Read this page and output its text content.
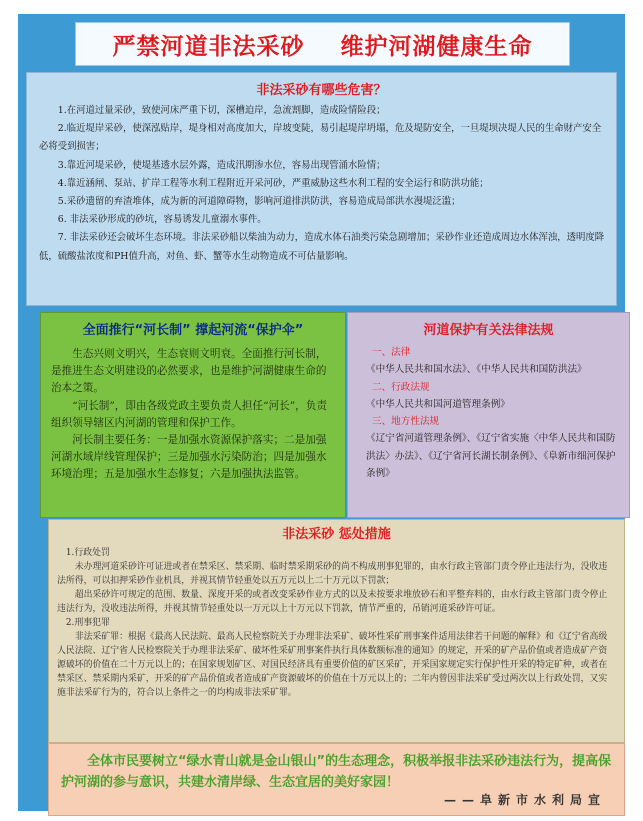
严禁河道非法采砂    维护河湖健康生命
非法采砂有哪些危害？

1.在河道过量采砂，致使河床严重下切，深槽迫岸，急流割脚，造成险情险段；

2.临近堤岸采砂，使深泓贴岸，堤身相对高度加大，岸坡变陡，易引起堤岸坍塌，危及堤防安全，一旦堤坝决堤人民的生命财产安全必将受到损害；

3.靠近河堤采砂，使堤基透水层外露，造成汛期渗水位，容易出现管涌水险情；

4.靠近涵闸、泵站、扩岸工程等水利工程附近开采河砂，严重威胁这些水利工程的安全运行和防洪功能；

5.采砂遗留的弃渣堆体，成为新的河道障碍物，影响河道排洪防洪，容易造成局部洪水漫堤泛滥；

6. 非法采砂形成的砂坑，容易诱发儿童溺水事件。

7. 非法采砂还会破坏生态环境。非法采砂船以柴油为动力，造成水体石油类污染急剧增加；采砂作业还造成周边水体浑浊，透明度降低，硫酸盐浓度和PH值升高，对鱼、虾、蟹等水生动物造成不可估量影响。

全面推行“河长制” 撑起河流“保护伞”

生态兴则文明兴，生态衰则文明衰。全面推行河长制，是推进生态文明建设的必然要求，也是维护河湖健康生命的治本之策。

“河长制”，即由各级党政主要负责人担任“河长”，负责组织领导辖区内河湖的管理和保护工作。

河长制主要任务：一是加强水资源保护落实；二是加强河湖水域岸线管理保护；三是加强水污染防治；四是加强水环境治理；五是加强水生态修复；六是加强执法监管。

河道保护有关法律法规
一、法律
《中华人民共和国水法》、《中华人民共和国防洪法》
二、行政法规
《中华人民共和国河道管理条例》
三、地方性法规
《辽宁省河道管理条例》、《辽宁省实施〈中华人民共和国防洪法〉办法》、《辽宁省河长湖长制条例》、《阜新市细河保护条例》
非法采砂 惩处措施

1.行政处罚

未办理河道采砂许可证进或者在禁采区、禁采期、临时禁采期采砂的尚不构成刑事犯罪的，由水行政主管部门责令停止违法行为，没收违法所得，可以扣押采砂作业机具，并视其情节轻重处以五万元以上二十万元以下罚款；

超出采砂许可规定的范围、数量、深度开采的或者改变采砂作业方式的以及未按要求堆放砂石和平整弃料的，由水行政主管部门责令停止违法行为，没收违法所得，并视其情节轻重处以一万元以上十万元以下罚款，情节严重的，吊销河道采砂许可证。

2.刑事犯罪

非法采矿罪：根据《最高人民法院、最高人民检察院关于办理非法采矿、破坏性采矿刑事案件适用法律若干问题的解释》和《辽宁省高级人民法院、辽宁省人民检察院关于办理非法采矿、破坏性采矿刑事案件执行具体数额标准的通知》的规定，开采的矿产品价值或者造成矿产资源破坏的价值在二十万元以上的；在国家规划矿区、对国民经济具有重要价值的矿区采矿，开采国家规定实行保护性开采的特定矿种，或者在禁采区、禁采期内采矿，开采的矿产品价值或者造成矿产资源破坏的价值在十万元以上的；二年内曾因非法采矿受过两次以上行政处罚，又实施非法采矿行为的，符合以上条件之一的均构成非法采矿罪。

全体市民要树立“绿水青山就是金山银山”的生态理念，积极举报非法采砂违法行为，提高保护河湖的参与意识，共建水清岸绿、生态宜居的美好家园！
——阜新市水利局宣
